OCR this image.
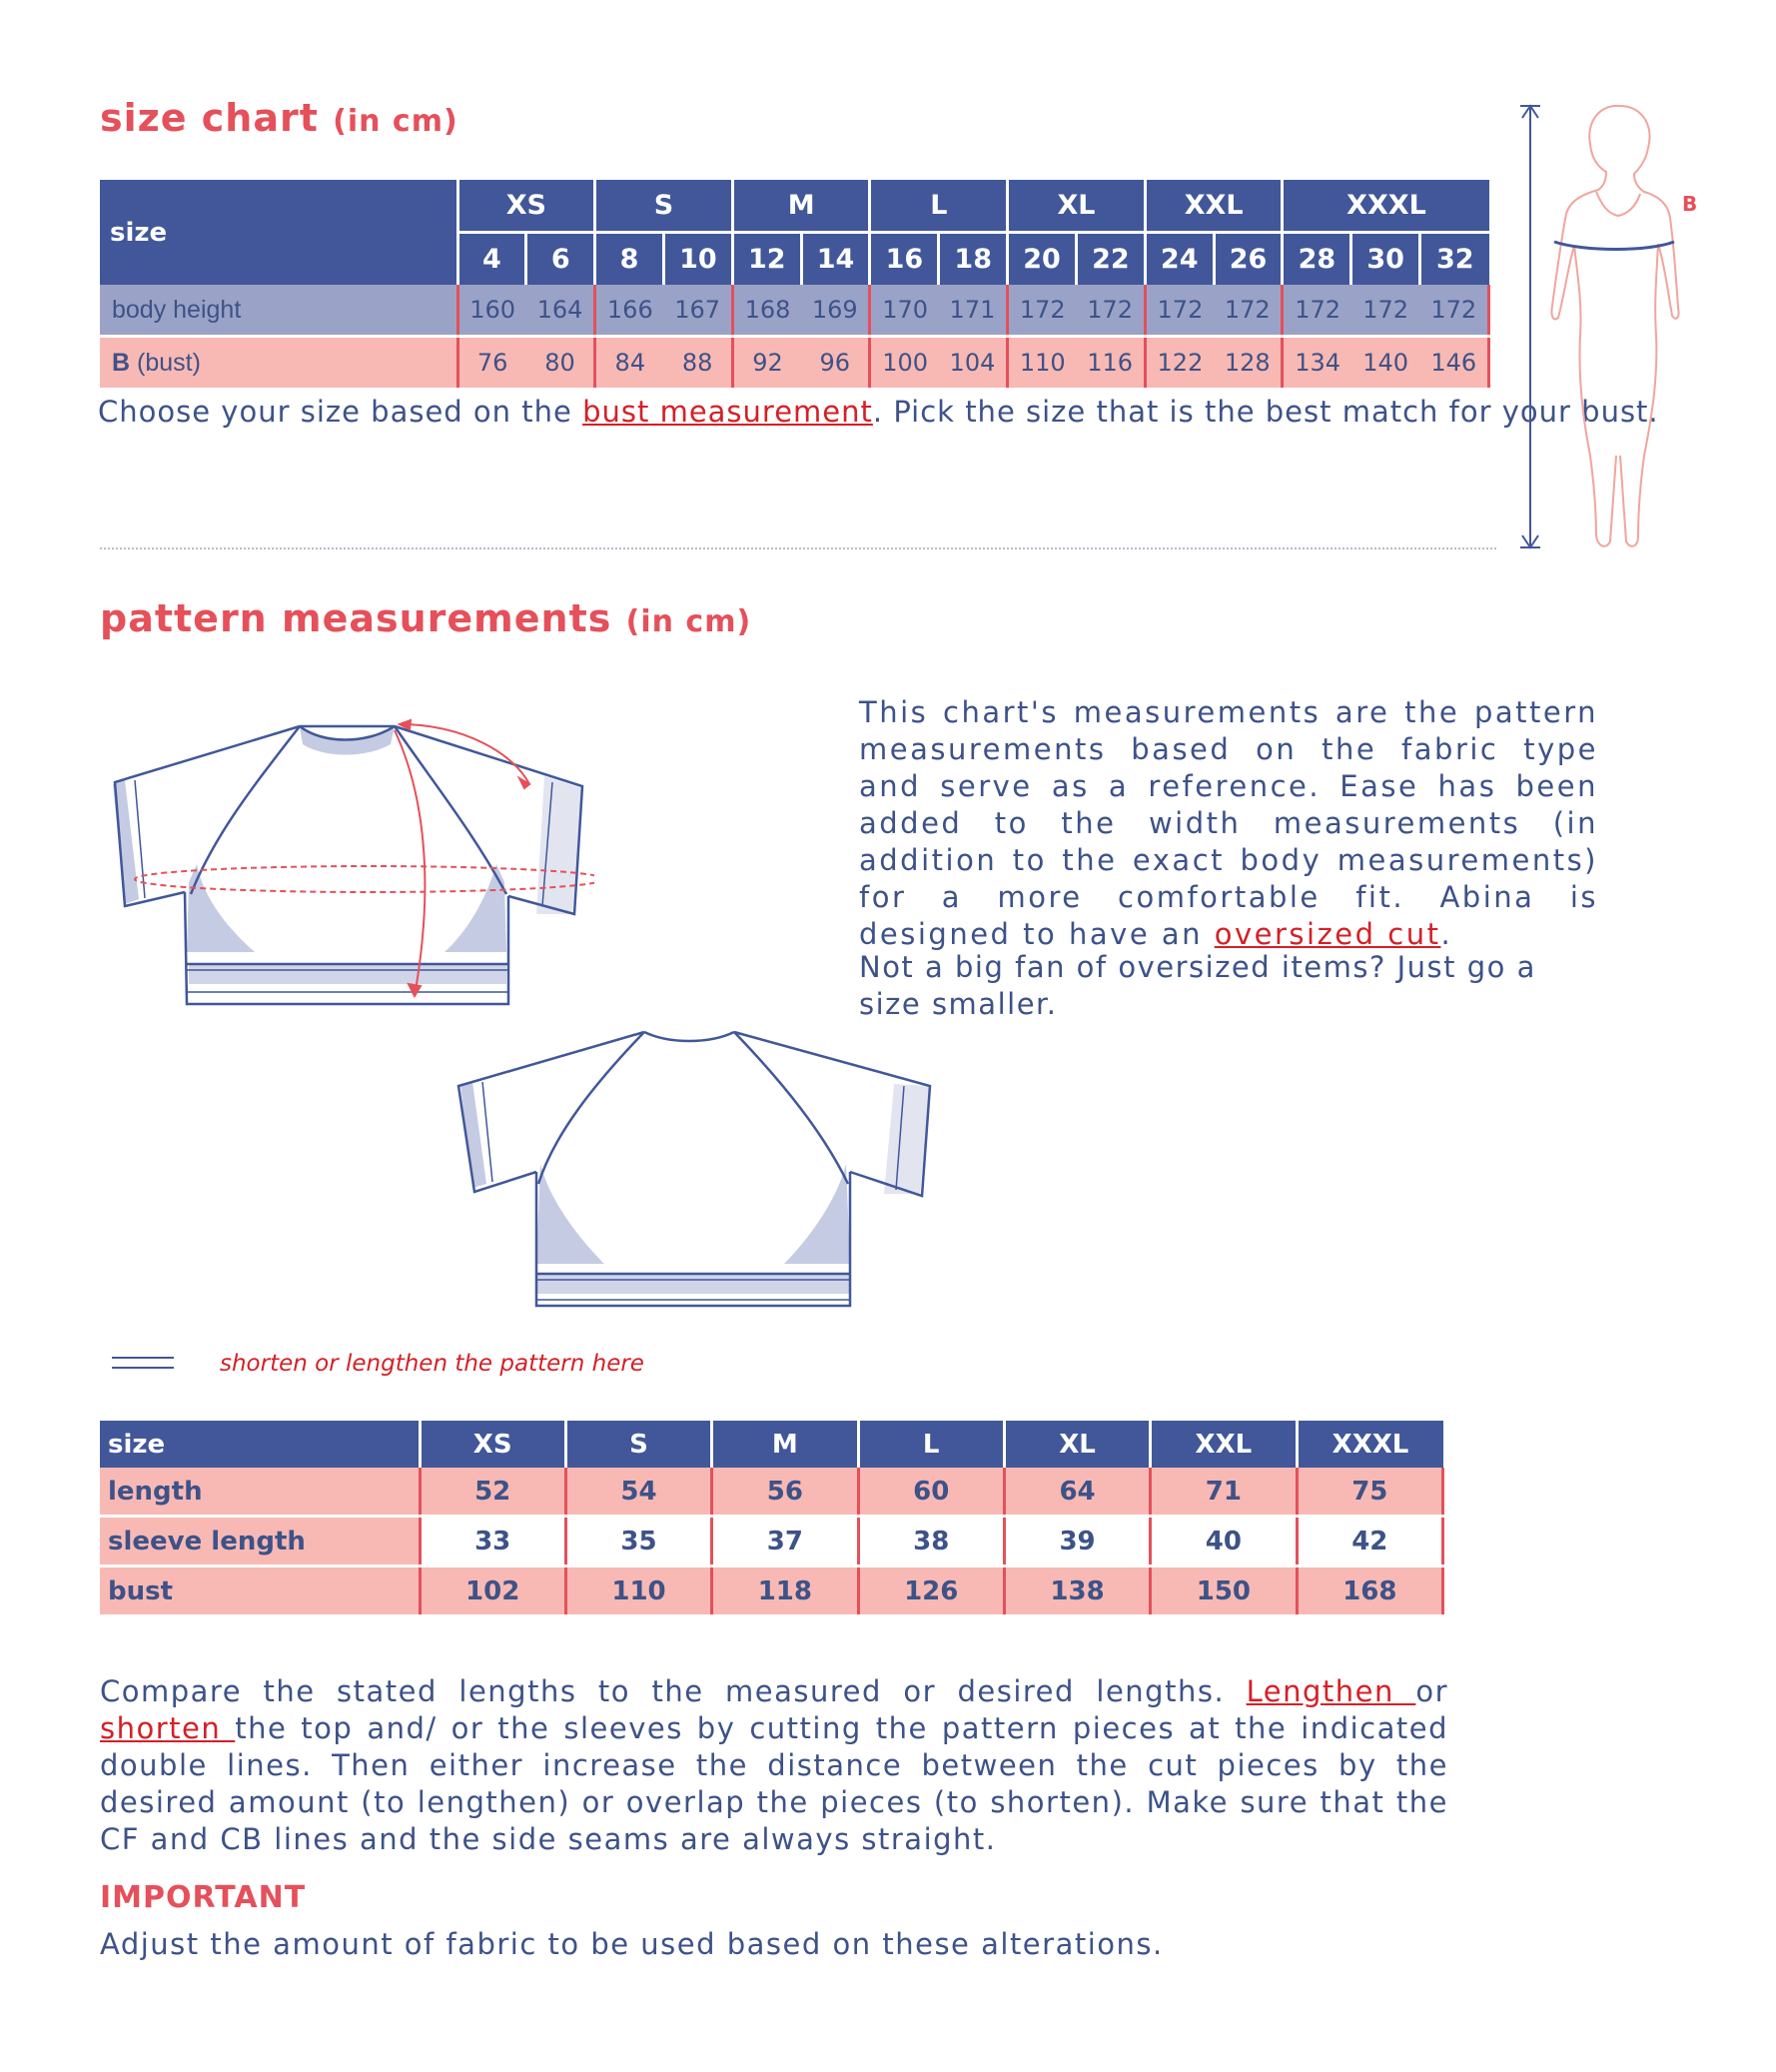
size chart (in cm)
size	XS		S		M		L		XL		XXL		XXXL		
	4	6	8	10	12	14	16	18	20	22	24	26	28	30	32
body height	160	164	166	167	168	169	170	171	172	172	172	172	172	172	172
B (bust)	76	80	84	88	92	96	100	104	110	116	122	128	134	140	146
Choose your size based on the bust measurement. Pick the size that is the best match for your bust.
B
pattern measurements (in cm)
This chart's measurements are the pattern measurements based on the fabric type and serve as a reference. Ease has been added to the width measurements (in addition to the exact body measurements) for a more comfortable fit. Abina is designed to have an oversized cut.
Not a big fan of oversized items? Just go a size smaller.
shorten or lengthen the pattern here
size	XS	S	M	L	XL	XXL	XXXL
length	52	54	56	60	64	71	75
sleeve length	33	35	37	38	39	40	42
bust	102	110	118	126	138	150	168
Compare the stated lengths to the measured or desired lengths. Lengthen or shorten the top and/ or the sleeves by cutting the pattern pieces at the indicated double lines. Then either increase the distance between the cut pieces by the desired amount (to lengthen) or overlap the pieces (to shorten). Make sure that the CF and CB lines and the side seams are always straight.
IMPORTANT
Adjust the amount of fabric to be used based on these alterations.
